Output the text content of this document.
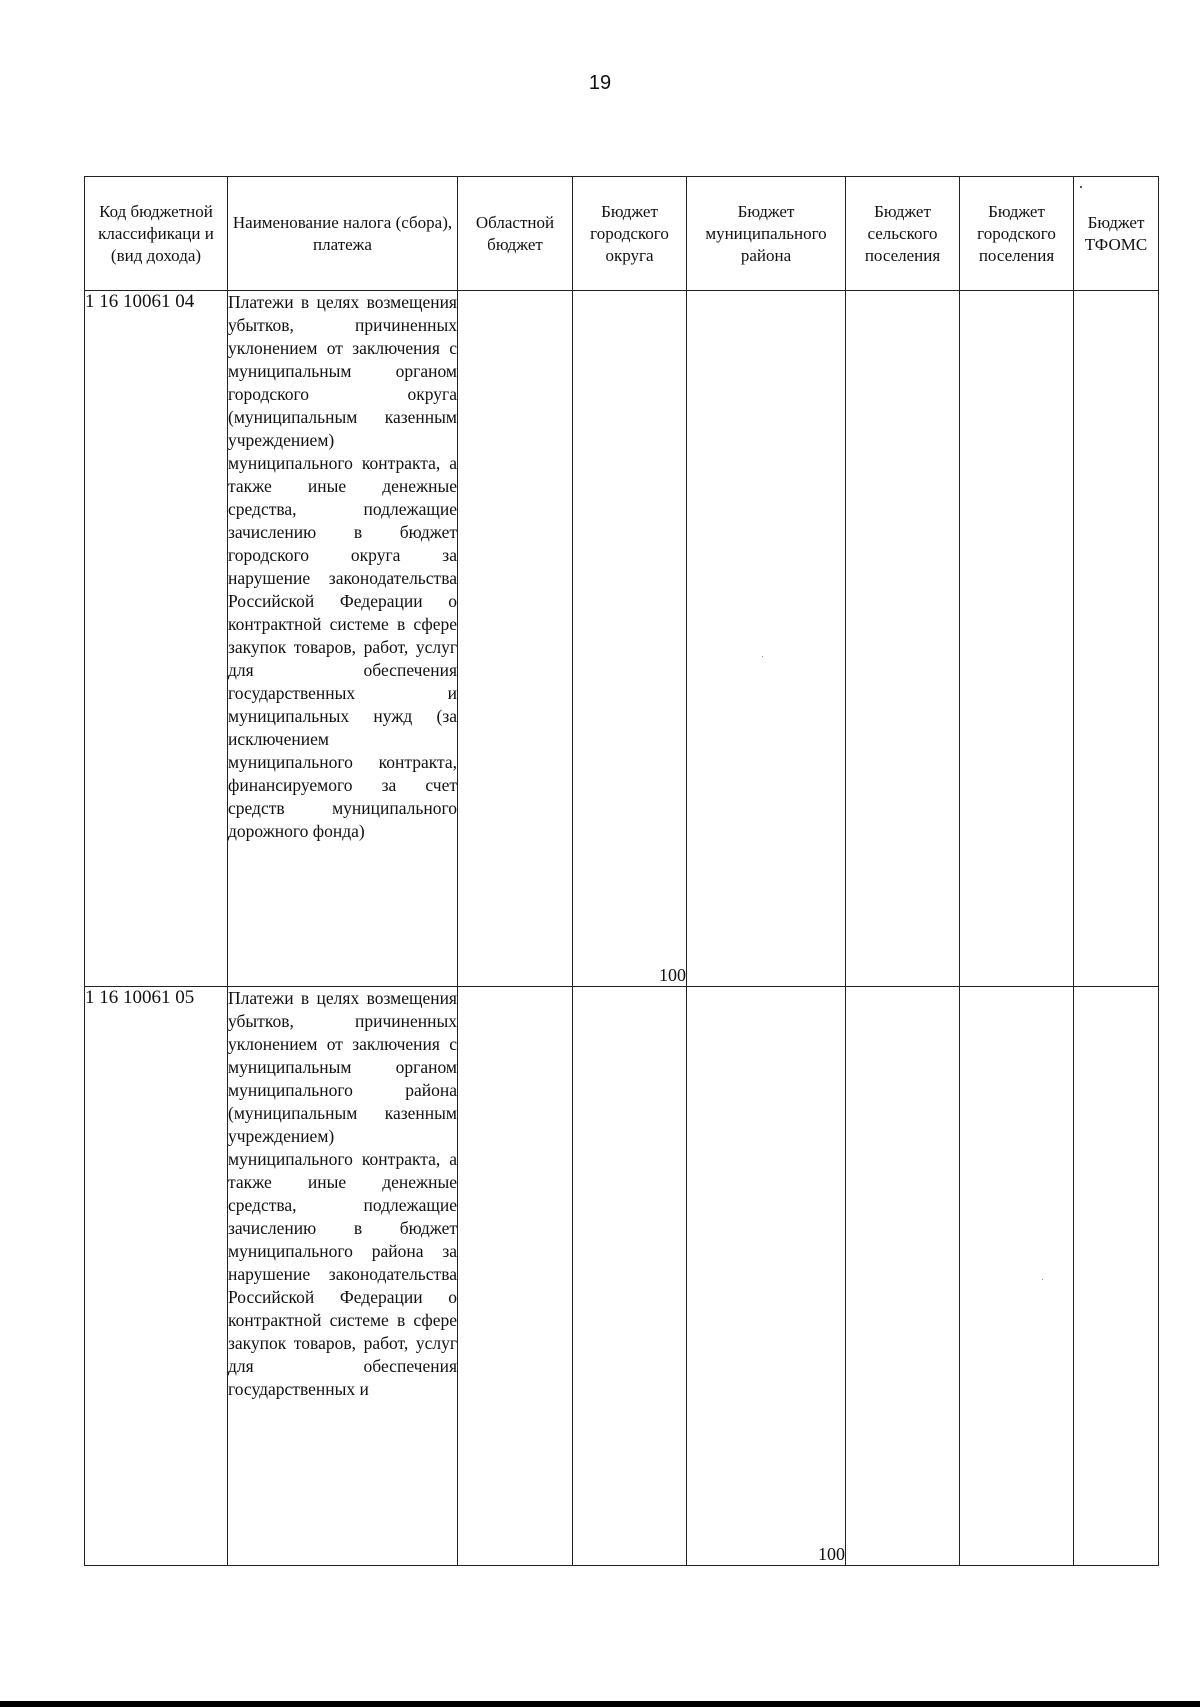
19
Код бюджетной классификаци и (вид дохода)	Наименование налога (сбора), платежа	Областной бюджет	Бюджет городского округа	Бюджет муниципального района	Бюджет сельского поселения	Бюджет городского поселения	Бюджет ТФОМС
1 16 10061 04	Платежи в целях возмещения убытков, причиненных уклонением от заключения с муниципальным органом городского округа (муниципальным казенным учреждением) муниципального контракта, а также иные денежные средства, подлежащие зачислению в бюджет городского округа за нарушение законодательства Российской Федерации о контрактной системе в сфере закупок товаров, работ, услуг для обеспечения государственных и муниципальных нужд (за исключением муниципального контракта, финансируемого за счет средств муниципального дорожного фонда)		100				
1 16 10061 05	Платежи в целях возмещения убытков, причиненных уклонением от заключения с муниципальным органом муниципального района (муниципальным казенным учреждением) муниципального контракта, а также иные денежные средства, подлежащие зачислению в бюджет муниципального района за нарушение законодательства Российской Федерации о контрактной системе в сфере закупок товаров, работ, услуг для обеспечения государственных и			100			
